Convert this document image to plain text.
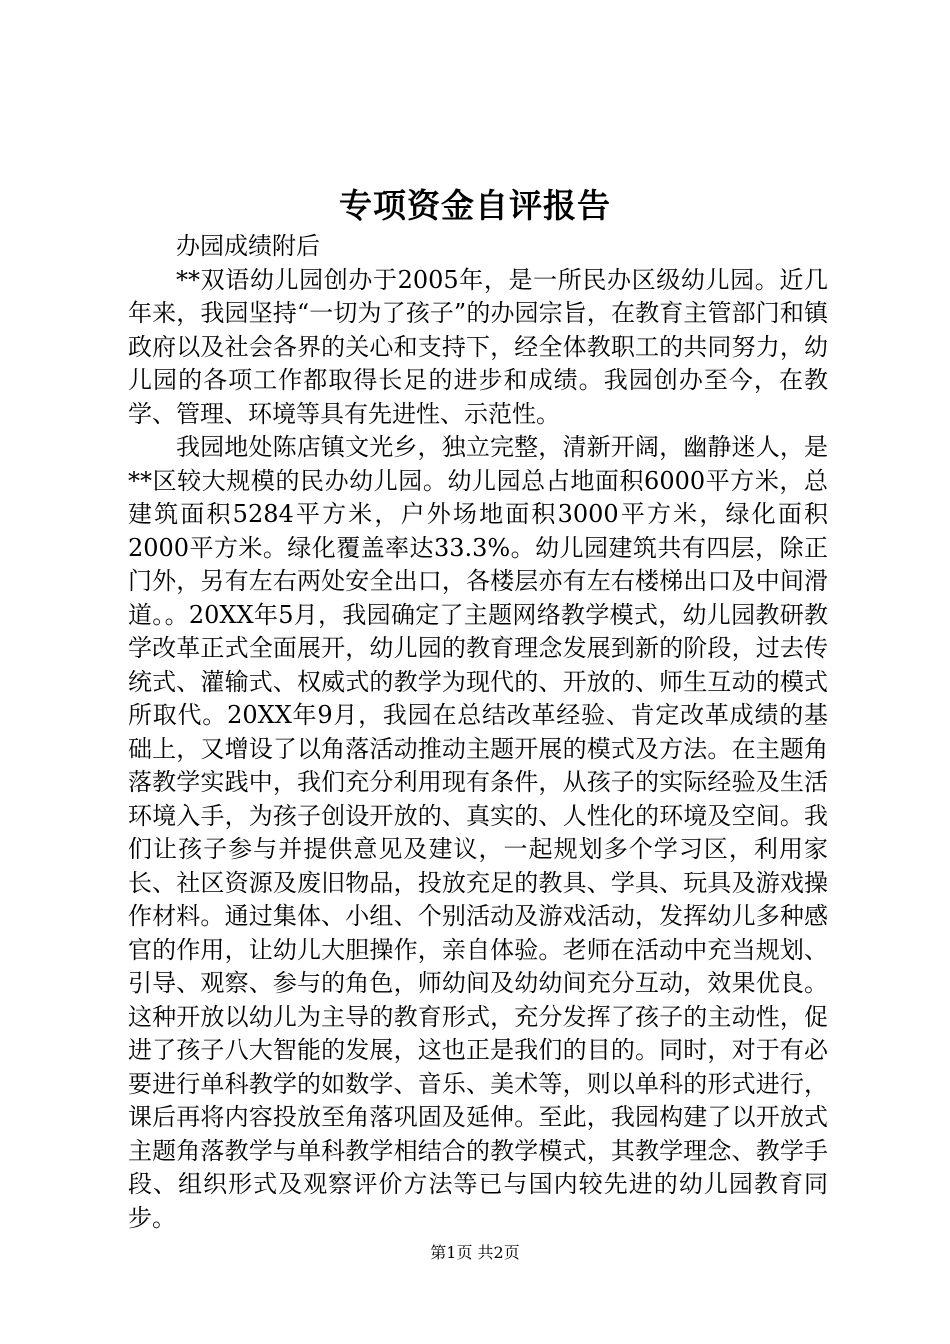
专项资金自评报告

办园成绩附后

**双语幼儿园创办于2005年，是一所民办区级幼儿园。近几年来，我园坚持“一切为了孩子”的办园宗旨，在教育主管部门和镇政府以及社会各界的关心和支持下，经全体教职工的共同努力，幼儿园的各项工作都取得长足的进步和成绩。我园创办至今，在教学、管理、环境等具有先进性、示范性。

我园地处陈店镇文光乡，独立完整，清新开阔，幽静迷人，是**区较大规模的民办幼儿园。幼儿园总占地面积6000平方米，总建筑面积5284平方米，户外场地面积3000平方米，绿化面积2000平方米。绿化覆盖率达33.3%。幼儿园建筑共有四层，除正门外，另有左右两处安全出口，各楼层亦有左右楼梯出口及中间滑道。。20XX年5月，我园确定了主题网络教学模式，幼儿园教研教学改革正式全面展开，幼儿园的教育理念发展到新的阶段，过去传统式、灌输式、权威式的教学为现代的、开放的、师生互动的模式所取代。20XX年9月，我园在总结改革经验、肯定改革成绩的基础上，又增设了以角落活动推动主题开展的模式及方法。在主题角落教学实践中，我们充分利用现有条件，从孩子的实际经验及生活环境入手，为孩子创设开放的、真实的、人性化的环境及空间。我们让孩子参与并提供意见及建议，一起规划多个学习区，利用家长、社区资源及废旧物品，投放充足的教具、学具、玩具及游戏操作材料。通过集体、小组、个别活动及游戏活动，发挥幼儿多种感官的作用，让幼儿大胆操作，亲自体验。老师在活动中充当规划、引导、观察、参与的角色，师幼间及幼幼间充分互动，效果优良。这种开放以幼儿为主导的教育形式，充分发挥了孩子的主动性，促进了孩子八大智能的发展，这也正是我们的目的。同时，对于有必要进行单科教学的如数学、音乐、美术等，则以单科的形式进行，课后再将内容投放至角落巩固及延伸。至此，我园构建了以开放式主题角落教学与单科教学相结合的教学模式，其教学理念、教学手段、组织形式及观察评价方法等已与国内较先进的幼儿园教育同步。

第1页 共2页
